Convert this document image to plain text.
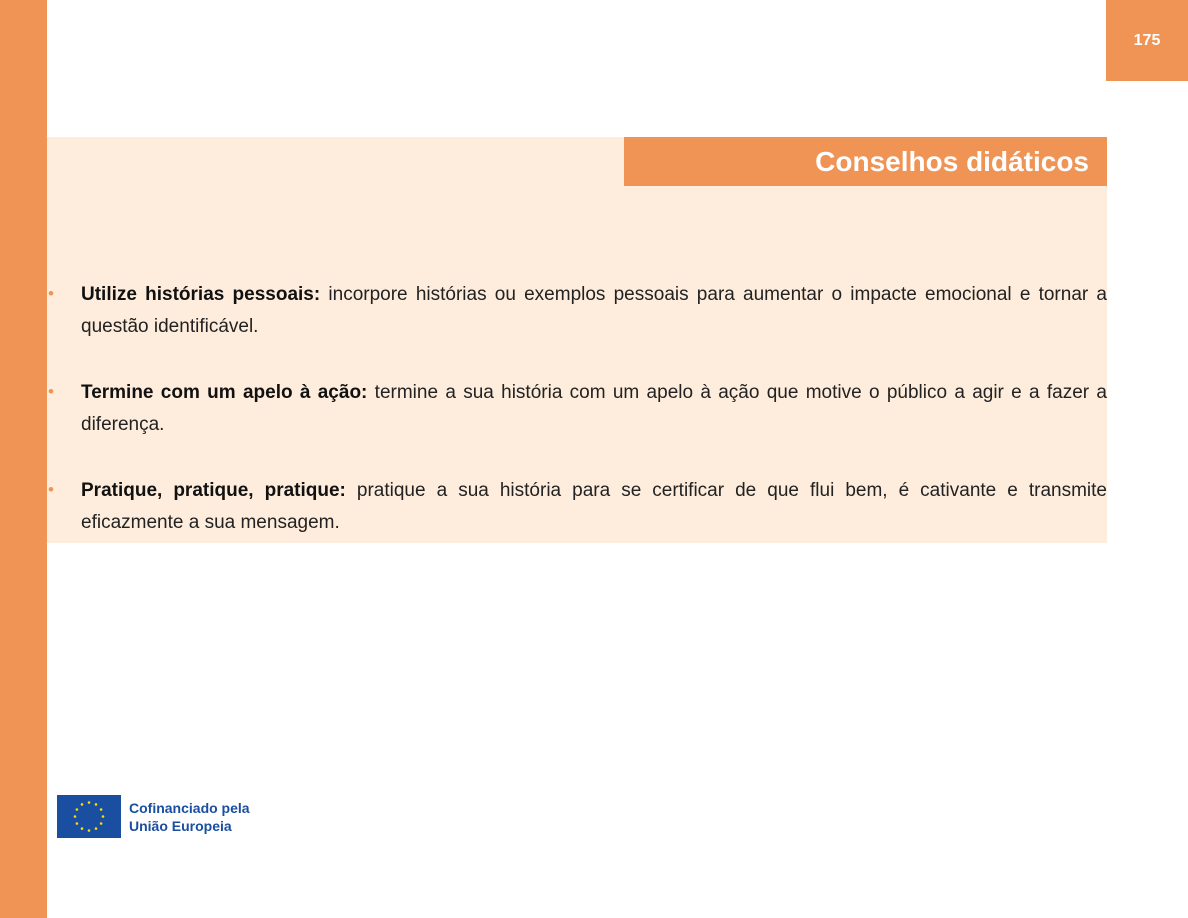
175
Conselhos didáticos
• Utilize histórias pessoais: incorpore histórias ou exemplos pessoais para aumentar o impacte emocional e tornar a questão identificável.
• Termine com um apelo à ação: termine a sua história com um apelo à ação que motive o público a agir e a fazer a diferença.
• Pratique, pratique, pratique: pratique a sua história para se certificar de que flui bem, é cativante e transmite eficazmente a sua mensagem.
Cofinanciado pela
União Europeia
